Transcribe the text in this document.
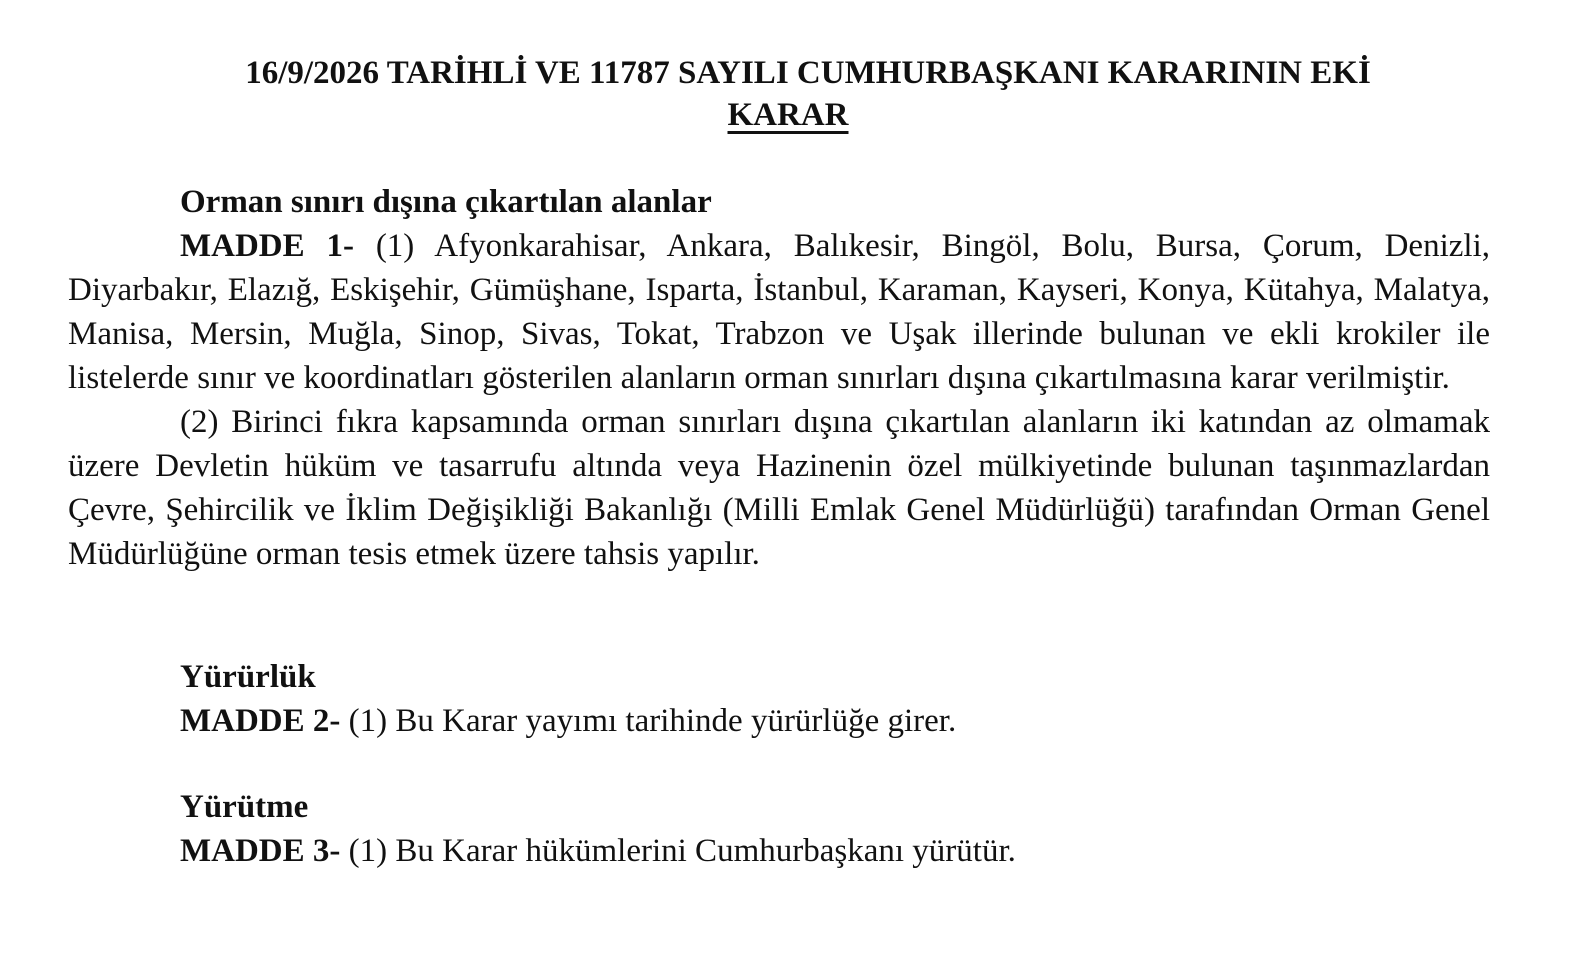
16/9/2026 TARİHLİ VE 11787 SAYILI CUMHURBAŞKANI KARARININ EKİ
KARAR
Orman sınırı dışına çıkartılan alanlar

MADDE 1- (1) Afyonkarahisar, Ankara, Balıkesir, Bingöl, Bolu, Bursa, Çorum, Denizli, Diyarbakır, Elazığ, Eskişehir, Gümüşhane, Isparta, İstanbul, Karaman, Kayseri, Konya, Kütahya, Malatya, Manisa, Mersin, Muğla, Sinop, Sivas, Tokat, Trabzon ve Uşak illerinde bulunan ve ekli krokiler ile listelerde sınır ve koordinatları gösterilen alanların orman sınırları dışına çıkartılmasına karar verilmiştir.

(2) Birinci fıkra kapsamında orman sınırları dışına çıkartılan alanların iki katından az olmamak üzere Devletin hüküm ve tasarrufu altında veya Hazinenin özel mülkiyetinde bulunan taşınmazlardan Çevre, Şehircilik ve İklim Değişikliği Bakanlığı (Milli Emlak Genel Müdürlüğü) tarafından Orman Genel Müdürlüğüne orman tesis etmek üzere tahsis yapılır.

Yürürlük

MADDE 2- (1) Bu Karar yayımı tarihinde yürürlüğe girer.

Yürütme

MADDE 3- (1) Bu Karar hükümlerini Cumhurbaşkanı yürütür.
